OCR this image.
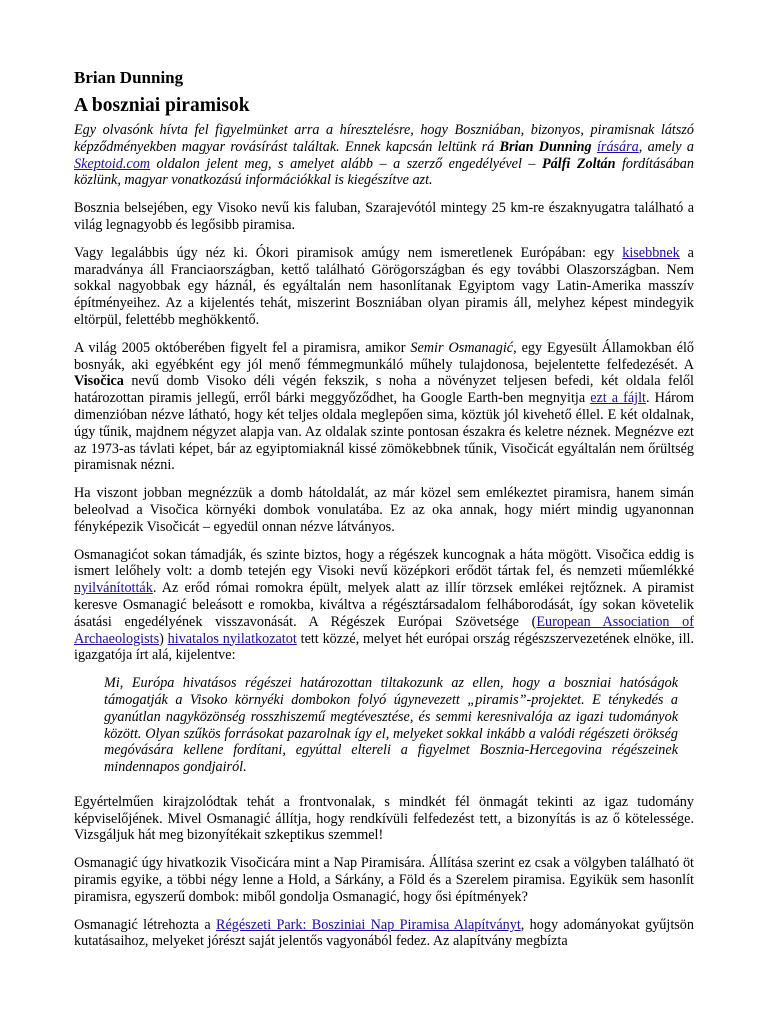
Brian Dunning
A boszniai piramisok

Egy olvasónk hívta fel figyelmünket arra a híresztelésre, hogy Boszniában, bizonyos, piramisnak látszó képződményekben magyar rovásírást találtak. Ennek kapcsán leltünk rá Brian Dunning írására, amely a Skeptoid.com oldalon jelent meg, s amelyet alább – a szerző engedélyével – Pálfi Zoltán fordításában közlünk, magyar vonatkozású információkkal is kiegészítve azt.

Bosznia belsejében, egy Visoko nevű kis faluban, Szarajevótól mintegy 25 km-re északnyugatra található a világ legnagyobb és legősibb piramisa.

Vagy legalábbis úgy néz ki. Ókori piramisok amúgy nem ismeretlenek Európában: egy kisebbnek a maradványa áll Franciaországban, kettő található Görögországban és egy további Olaszországban. Nem sokkal nagyobbak egy háznál, és egyáltalán nem hasonlítanak Egyiptom vagy Latin-Amerika masszív építményeihez. Az a kijelentés tehát, miszerint Boszniában olyan piramis áll, melyhez képest mindegyik eltörpül, felettébb meghökkentő.

A világ 2005 októberében figyelt fel a piramisra, amikor Semir Osmanagić, egy Egyesült Államokban élő bosnyák, aki egyébként egy jól menő fémmegmunkáló műhely tulajdonosa, bejelentette felfedezését. A Visočica nevű domb Visoko déli végén fekszik, s noha a növényzet teljesen befedi, két oldala felől határozottan piramis jellegű, erről bárki meggyőződhet, ha Google Earth-ben megnyitja ezt a fájlt. Három dimenzióban nézve látható, hogy két teljes oldala meglepően sima, köztük jól kivehető éllel. E két oldalnak, úgy tűnik, majdnem négyzet alapja van. Az oldalak szinte pontosan északra és keletre néznek. Megnézve ezt az 1973-as távlati képet, bár az egyiptomiaknál kissé zömökebbnek tűnik, Visočicát egyáltalán nem őrültség piramisnak nézni.

Ha viszont jobban megnézzük a domb hátoldalát, az már közel sem emlékeztet piramisra, hanem simán beleolvad a Visočica környéki dombok vonulatába. Ez az oka annak, hogy miért mindig ugyanonnan fényképezik Visočicát – egyedül onnan nézve látványos.

Osmanagićot sokan támadják, és szinte biztos, hogy a régészek kuncognak a háta mögött. Visočica eddig is ismert lelőhely volt: a domb tetején egy Visoki nevű középkori erődöt tártak fel, és nemzeti műemlékké nyilvánították. Az erőd római romokra épült, melyek alatt az illír törzsek emlékei rejtőznek. A piramist keresve Osmanagić beleásott e romokba, kiváltva a régésztársadalom felháborodását, így sokan követelik ásatási engedélyének visszavonását. A Régészek Európai Szövetsége (European Association of Archaeologists) hivatalos nyilatkozatot tett közzé, melyet hét európai ország régészszervezetének elnöke, ill. igazgatója írt alá, kijelentve:

Mi, Európa hivatásos régészei határozottan tiltakozunk az ellen, hogy a boszniai hatóságok támogatják a Visoko környéki dombokon folyó úgynevezett „piramis”-projektet. E ténykedés a gyanútlan nagyközönség rosszhiszemű megtévesztése, és semmi keresnivalója az igazi tudományok között. Olyan szűkös forrásokat pazarolnak így el, melyeket sokkal inkább a valódi régészeti örökség megóvására kellene fordítani, egyúttal elterelі a figyelmet Bosznia-Hercegovina régészeinek mindennapos gondjairól.

Egyértelműen kirajzolódtak tehát a frontvonalak, s mindkét fél önmagát tekinti az igaz tudomány képviselőjének. Mivel Osmanagić állítja, hogy rendkívüli felfedezést tett, a bizonyítás is az ő kötelessége. Vizsgáljuk hát meg bizonyítékait szkeptikus szemmel!

Osmanagić úgy hivatkozik Visočicára mint a Nap Piramisára. Állítása szerint ez csak a völgyben található öt piramis egyike, a többi négy lenne a Hold, a Sárkány, a Föld és a Szerelem piramisa. Egyikük sem hasonlít piramisra, egyszerű dombok: miből gondolja Osmanagić, hogy ősi építmények?

Osmanagić létrehozta a Régészeti Park: Bosziniai Nap Piramisa Alapítványt, hogy adományokat gyűjtsön kutatásaihoz, melyeket jórészt saját jelentős vagyonából fedez. Az alapítvány megbízta
